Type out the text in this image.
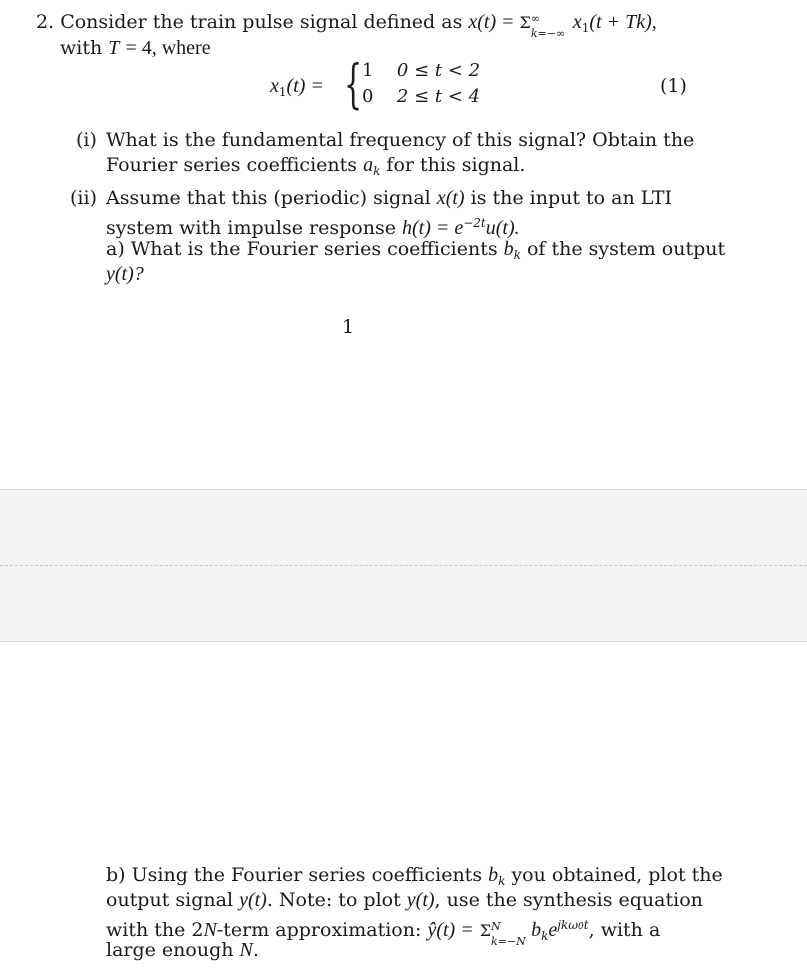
2. Consider the train pulse signal defined as x(t) = Σ ∞
k=−∞
$x_1(t + Tk)$,
with T = 4, where
$x_1(t)$ = { 1 0 ≤ t < 2
0 2 ≤ t < 4	(1)
(i) What is the fundamental frequency of this signal? Obtain the
Fourier series coefficients $a_k$ for this signal.
(ii) Assume that this (periodic) signal x(t) is the input to an LTI
system with impulse response $h(t) = e^{-2t}u(t)$.
a) What is the Fourier series coefficients $b_k$ of the system output
y(t)?
1
b) Using the Fourier series coefficients $b_k$ you obtained, plot the
output signal y(t). Note: to plot y(t), use the synthesis equation
with the 2N-term approximation: ŷ(t) = Σ N
k=−N
$b_ke^{jk\omega 0t}$, with a
large enough N.
